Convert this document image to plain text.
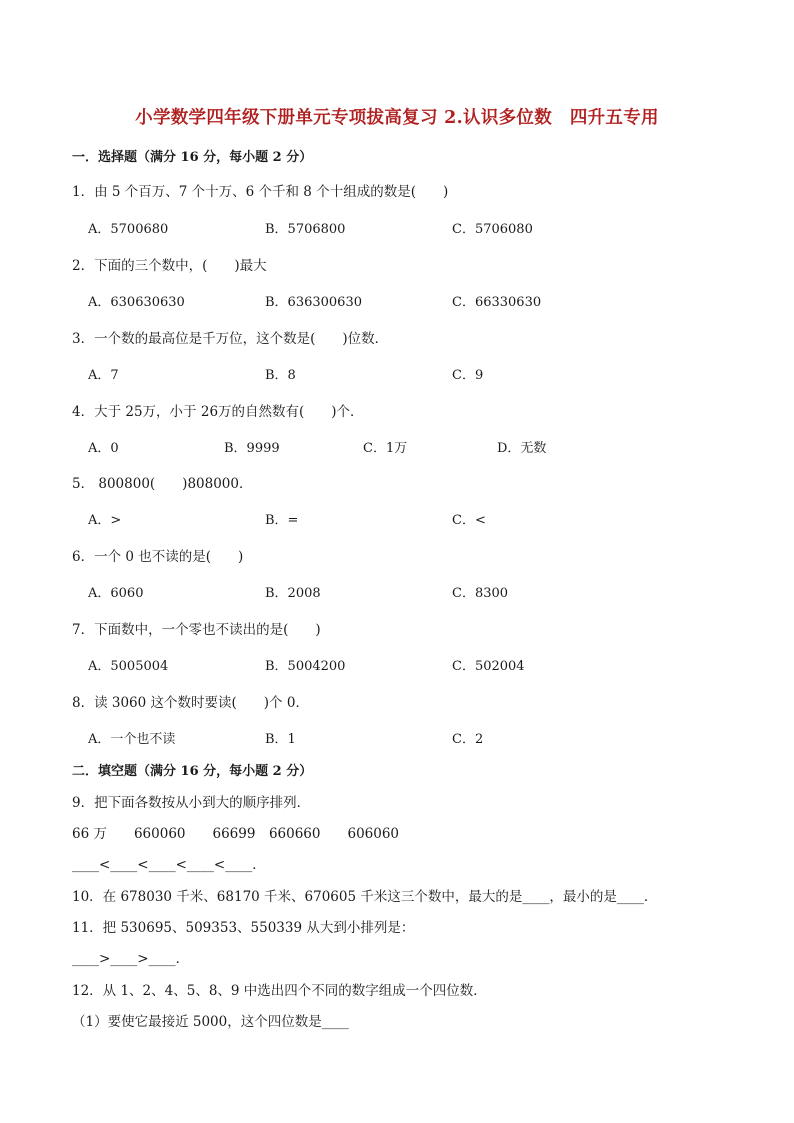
小学数学四年级下册单元专项拔高复习 2.认识多位数　四升五专用
一．选择题（满分 16 分，每小题 2 分）
1．由 5 个百万、7 个十万、6 个千和 8 个十组成的数是(　　)
A．5700680	B．5706800	C．5706080
2．下面的三个数中，(　　)最大
A．630630630	B．636300630	C．66330630
3．一个数的最高位是千万位，这个数是(　　)位数．
A．7	B．8	C．9
4．大于 25万，小于 26万的自然数有(　　)个．
A．0	B．9999	C．1万	D．无数
5． 800800(　　)808000．
A．>	B．=	C．<
6．一个 0 也不读的是(　　)
A．6060	B．2008	C．8300
7．下面数中，一个零也不读出的是(　　)
A．5005004	B．5004200	C．502004
8．读 3060 这个数时要读(　　)个 0．
A．一个也不读	B．1	C．2
二．填空题（满分 16 分，每小题 2 分）
9．把下面各数按从小到大的顺序排列．
66 万　　660060　　66699　660660　　606060
____<____<____<____<____．
10．在 678030 千米、68170 千米、670605 千米这三个数中，最大的是____，最小的是____．
11．把 530695、509353、550339 从大到小排列是：
____>____>____．
12．从 1、2、4、5、8、9 中选出四个不同的数字组成一个四位数．
（1）要使它最接近 5000，这个四位数是____
